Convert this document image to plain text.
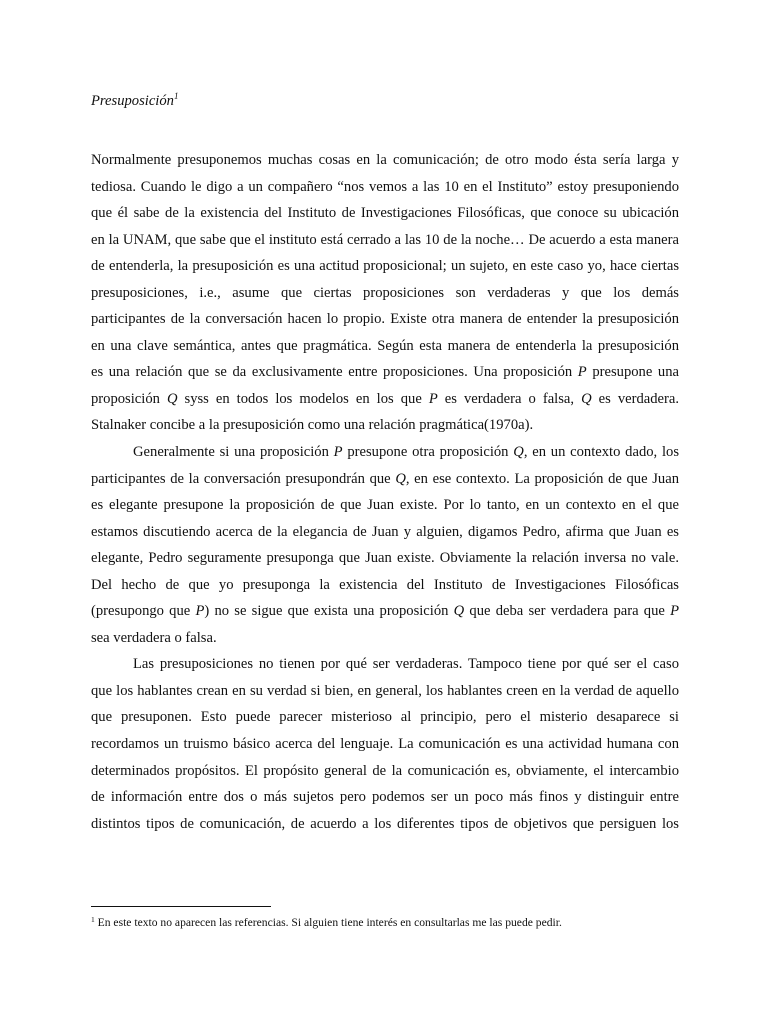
Presuposición$^1$
Normalmente presuponemos muchas cosas en la comunicación; de otro modo ésta sería larga y
tediosa. Cuando le digo a un compañero “nos vemos a las 10 en el Instituto” estoy presuponiendo
que él sabe de la existencia del Instituto de Investigaciones Filosóficas, que conoce su ubicación
en la UNAM, que sabe que el instituto está cerrado a las 10 de la noche… De acuerdo a esta manera
de entenderla, la presuposición es una actitud proposicional; un sujeto, en este caso yo, hace ciertas
presuposiciones, i.e., asume que ciertas proposiciones son verdaderas y que los demás
participantes de la conversación hacen lo propio. Existe otra manera de entender la presuposición
en una clave semántica, antes que pragmática. Según esta manera de entenderla la presuposición
es una relación que se da exclusivamente entre proposiciones. Una proposición P presupone una
proposición Q syss en todos los modelos en los que P es verdadera o falsa, Q es verdadera.
Stalnaker concibe a la presuposición como una relación pragmática(1970a).
Generalmente si una proposición P presupone otra proposición Q, en un contexto dado, los
participantes de la conversación presupondrán que Q, en ese contexto. La proposición de que Juan
es elegante presupone la proposición de que Juan existe. Por lo tanto, en un contexto en el que
estamos discutiendo acerca de la elegancia de Juan y alguien, digamos Pedro, afirma que Juan es
elegante, Pedro seguramente presuponga que Juan existe. Obviamente la relación inversa no vale.
Del hecho de que yo presuponga la existencia del Instituto de Investigaciones Filosóficas
(presupongo que P) no se sigue que exista una proposición Q que deba ser verdadera para que P
sea verdadera o falsa.
Las presuposiciones no tienen por qué ser verdaderas. Tampoco tiene por qué ser el caso
que los hablantes crean en su verdad si bien, en general, los hablantes creen en la verdad de aquello
que presuponen. Esto puede parecer misterioso al principio, pero el misterio desaparece si
recordamos un truismo básico acerca del lenguaje. La comunicación es una actividad humana con
determinados propósitos. El propósito general de la comunicación es, obviamente, el intercambio
de información entre dos o más sujetos pero podemos ser un poco más finos y distinguir entre
distintos tipos de comunicación, de acuerdo a los diferentes tipos de objetivos que persiguen los
$^1$ En este texto no aparecen las referencias. Si alguien tiene interés en consultarlas me las puede pedir.
